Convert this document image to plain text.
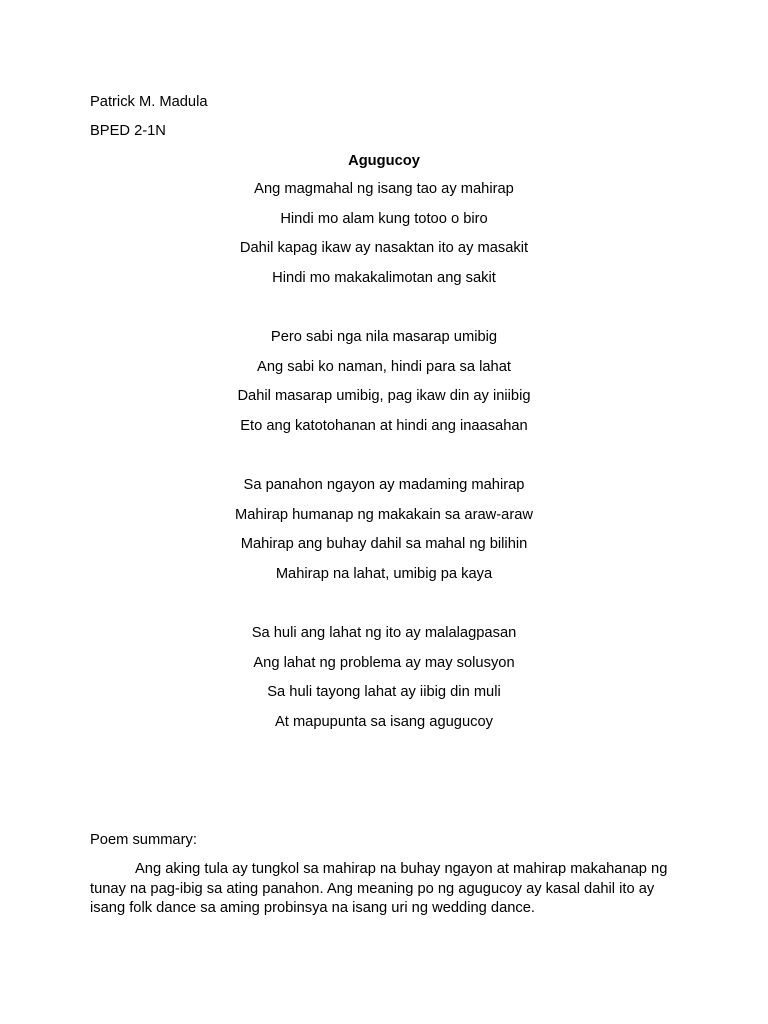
Patrick M. Madula
BPED 2-1N
Agugucoy
Ang magmahal ng isang tao ay mahirap
Hindi mo alam kung totoo o biro
Dahil kapag ikaw ay nasaktan ito ay masakit
Hindi mo makakalimotan ang sakit
Pero sabi nga nila masarap umibig
Ang sabi ko naman, hindi para sa lahat
Dahil masarap umibig, pag ikaw din ay iniibig
Eto ang katotohanan at hindi ang inaasahan
Sa panahon ngayon ay madaming mahirap
Mahirap humanap ng makakain sa araw-araw
Mahirap ang buhay dahil sa mahal ng bilihin
Mahirap na lahat, umibig pa kaya
Sa huli ang lahat ng ito ay malalagpasan
Ang lahat ng problema ay may solusyon
Sa huli tayong lahat ay iibig din muli
At mapupunta sa isang agugucoy
Poem summary:
Ang aking tula ay tungkol sa mahirap na buhay ngayon at mahirap makahanap ng tunay na pag-ibig sa ating panahon. Ang meaning po ng agugucoy ay kasal dahil ito ay isang folk dance sa aming probinsya na isang uri ng wedding dance.
